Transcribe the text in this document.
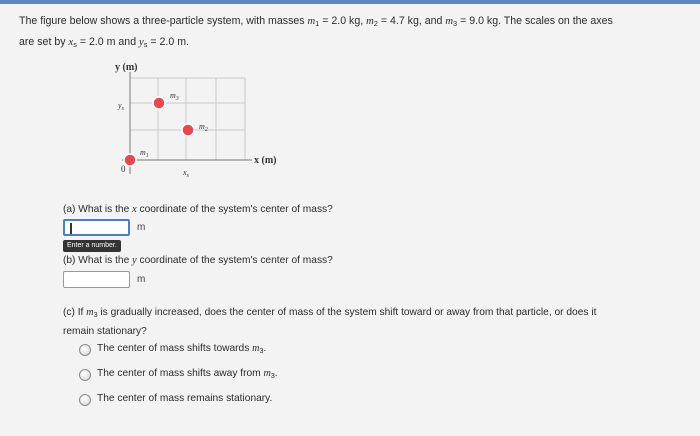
The figure below shows a three-particle system, with masses $m_1 = 2.0$ kg, $m_2 = 4.7$ kg, and $m_3 = 9.0$ kg. The scales on the axes
are set by $x_s = 2.0$ m and $y_s = 2.0$ m.
y (m)
x (m)
$y_s$
$x_s$
0
$m_1$
$m_2$
$m_3$
(a) What is the x coordinate of the system's center of mass?
m
Enter a number.
(b) What is the y coordinate of the system's center of mass?
m
(c) If $m_3$ is gradually increased, does the center of mass of the system shift toward or away from that particle, or does it
remain stationary?
The center of mass shifts towards $m_3$.
The center of mass shifts away from $m_3$.
The center of mass remains stationary.
